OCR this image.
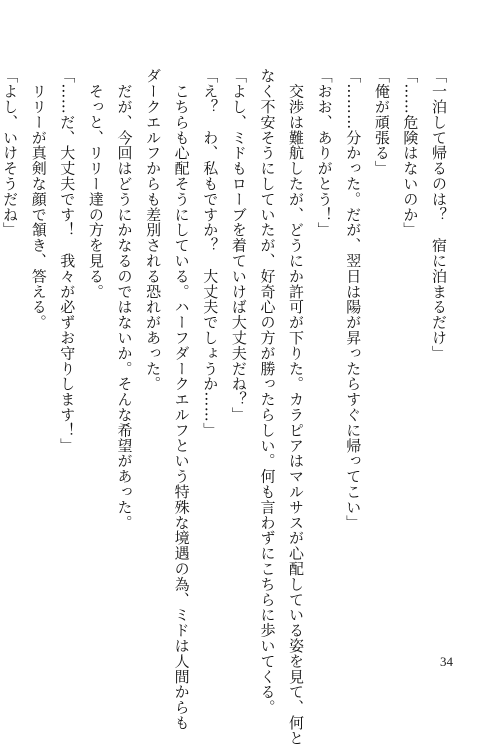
「一泊して帰るのは？　宿に泊まるだけ」

「……危険はないのか」

「俺が頑張る」

「………分かった。だが、翌日は陽が昇ったらすぐに帰ってこい」

「おお、ありがとう！」

　交渉は難航したが、どうにか許可が下りた。カラピアはマルサスが心配している姿を見て、何と

なく不安そうにしていたが、好奇心の方が勝ったらしい。何も言わずにこちらに歩いてくる。

「よし、ミドもローブを着ていけば大丈夫だね？」

「え？　わ、私もですか？　大丈夫でしょうか……」

　こちらも心配そうにしている。ハーフダークエルフという特殊な境遇の為、ミドは人間からも

ダークエルフからも差別される恐れがあった。

　だが、今回はどうにかなるのではないか。そんな希望があった。

　そっと、リリー達の方を見る。

「……だ、大丈夫です！　我々が必ずお守りします！」

　リリーが真剣な顔で頷き、答える。

「よし、いけそうだね」

34
